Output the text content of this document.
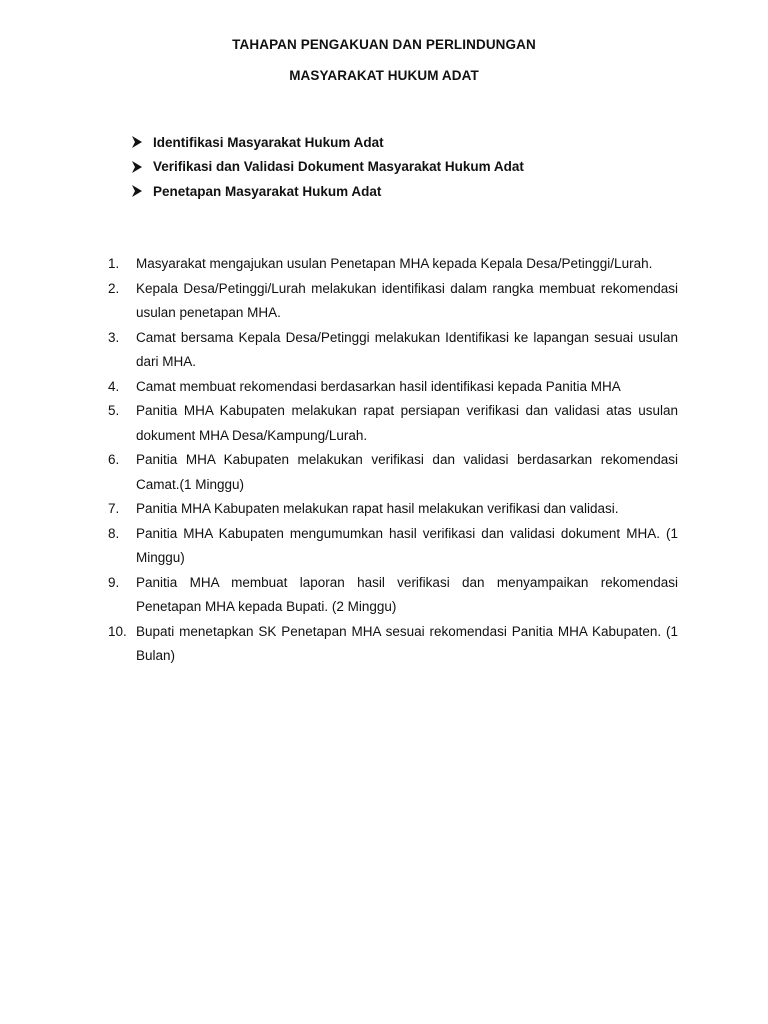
TAHAPAN PENGAKUAN DAN PERLINDUNGAN
MASYARAKAT HUKUM ADAT
Identifikasi Masyarakat Hukum Adat
Verifikasi dan Validasi Dokument Masyarakat Hukum Adat
Penetapan Masyarakat Hukum Adat
1.	Masyarakat mengajukan usulan Penetapan MHA kepada Kepala Desa/Petinggi/Lurah.
2.	Kepala Desa/Petinggi/Lurah melakukan identifikasi dalam rangka membuat rekomendasi usulan penetapan MHA.
3.	Camat bersama Kepala Desa/Petinggi melakukan Identifikasi ke lapangan sesuai usulan dari MHA.
4.	Camat membuat rekomendasi berdasarkan hasil identifikasi kepada Panitia MHA
5.	Panitia MHA Kabupaten melakukan rapat persiapan verifikasi dan validasi atas usulan dokument MHA Desa/Kampung/Lurah.
6.	Panitia MHA Kabupaten melakukan verifikasi dan validasi berdasarkan rekomendasi Camat.(1 Minggu)
7.	Panitia MHA Kabupaten melakukan rapat hasil melakukan verifikasi dan validasi.
8.	Panitia MHA Kabupaten mengumumkan hasil verifikasi dan validasi dokument MHA. (1 Minggu)
9.	Panitia MHA membuat laporan hasil verifikasi dan menyampaikan rekomendasi Penetapan MHA kepada Bupati. (2 Minggu)
10. Bupati menetapkan SK Penetapan MHA sesuai rekomendasi Panitia MHA Kabupaten. (1 Bulan)
